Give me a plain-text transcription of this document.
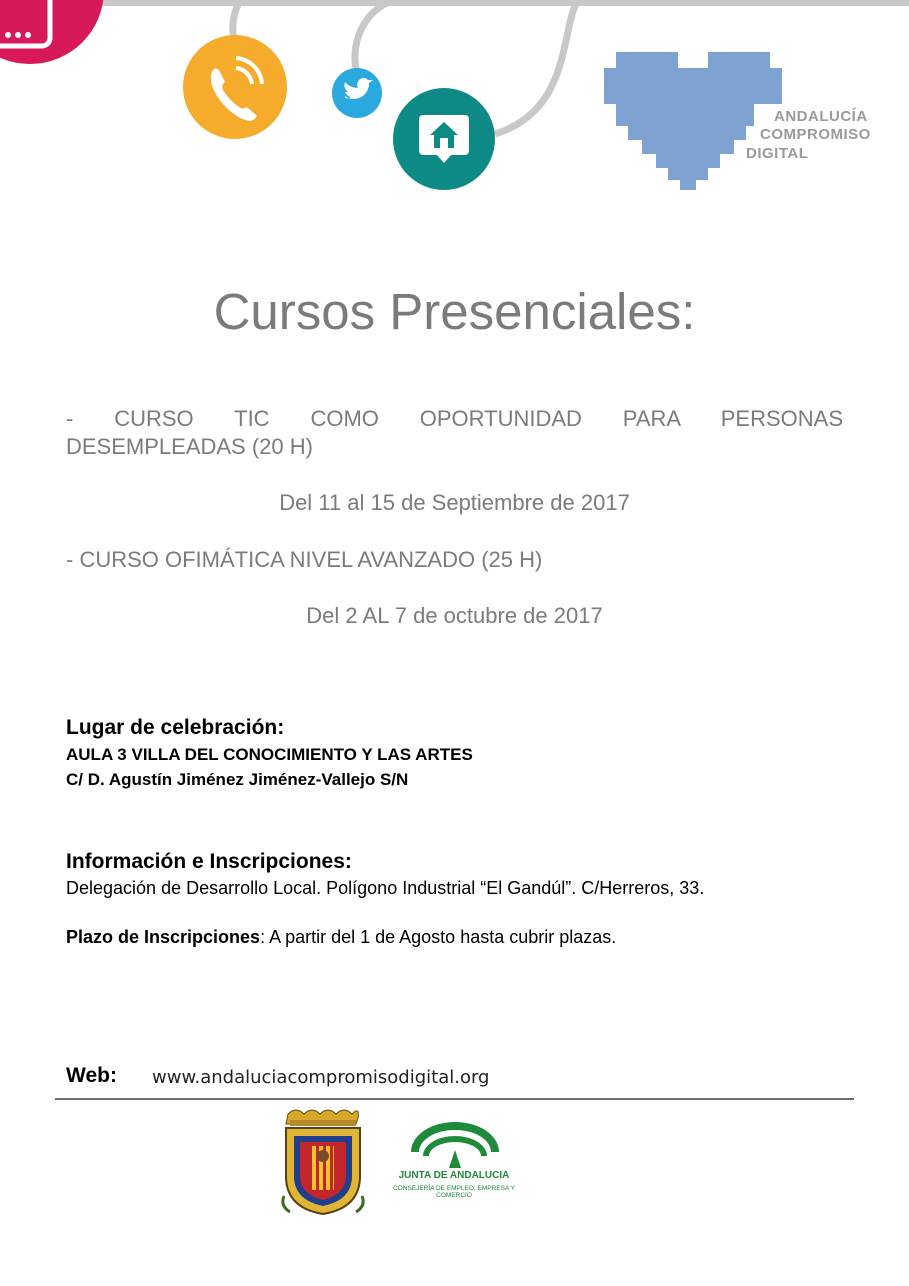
ANDALUCÍA
COMPROMISO
DIGITAL
Cursos Presenciales:
- CURSO TIC COMO OPORTUNIDAD PARA PERSONAS
DESEMPLEADAS (20 H)
Del 11 al 15 de Septiembre de 2017
- CURSO OFIMÁTICA NIVEL AVANZADO (25 H)
Del 2 AL 7 de octubre de 2017
Lugar de celebración:
AULA 3 VILLA DEL CONOCIMIENTO Y LAS ARTES
C/ D. Agustín Jiménez Jiménez-Vallejo S/N
Información e Inscripciones:
Delegación de Desarrollo Local. Polígono Industrial “El Gandúl”. C/Herreros, 33.
Plazo de Inscripciones: A partir del 1 de Agosto hasta cubrir plazas.
Web: www.andaluciacompromisodigital.org
JUNTA DE ANDALUCIA
CONSEJERÍA DE EMPLEO, EMPRESA Y COMERCIO
